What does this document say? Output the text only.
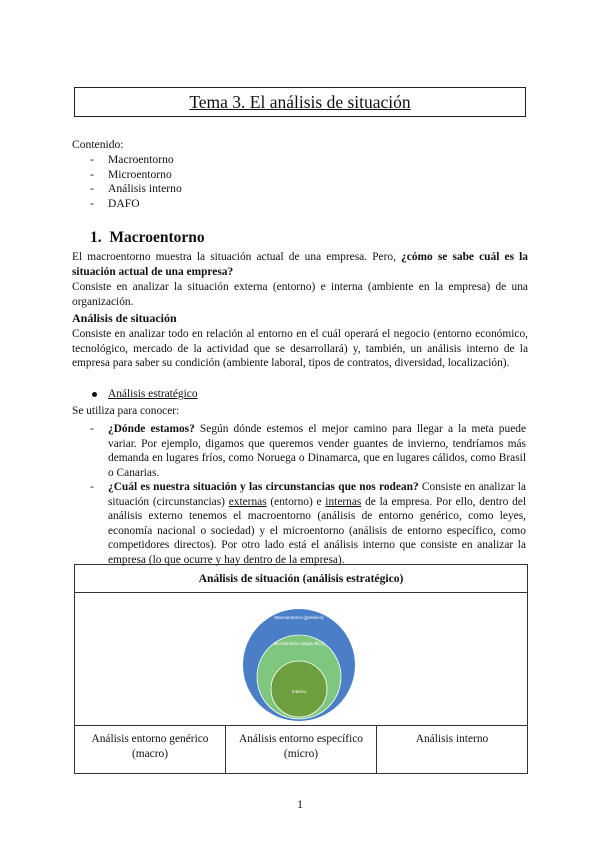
Tema 3. El análisis de situación
Contenido:
- Macroentorno
- Microentorno
- Análisis interno
- DAFO
1.  Macroentorno

El macroentorno muestra la situación actual de una empresa. Pero, ¿cómo se sabe cuál es la situación actual de una empresa?

Consiste en analizar la situación externa (entorno) e interna (ambiente en la empresa) de una organización.

Análisis de situación

Consiste en analizar todo en relación al entorno en el cuál operará el negocio (entorno económico, tecnológico, mercado de la actividad que se desarrollará) y, también, un análisis interno de la empresa para saber su condición (ambiente laboral, tipos de contratos, diversidad, localización).

Análisis estratégico

Se utiliza para conocer:

- ¿Dónde estamos? Según dónde estemos el mejor camino para llegar a la meta puede variar. Por ejemplo, digamos que queremos vender guantes de invierno, tendríamos más demanda en lugares fríos, como Noruega o Dinamarca, que en lugares cálidos, como Brasil o Canarias.
- ¿Cuál es nuestra situación y las circunstancias que nos rodean? Consiste en analizar la situación (circunstancias) externas (entorno) e internas de la empresa. Por ello, dentro del análisis externo tenemos el macroentorno (análisis de entorno genérico, como leyes, economía nacional o sociedad) y el microentorno (análisis de entorno específico, como competidores directos). Por otro lado está el análisis interno que consiste en analizar la empresa (lo que ocurre y hay dentro de la empresa).
Análisis de situación (análisis estratégico)

Macroentorno (genérico)
Microentorno (específico)
Interno

Análisis entorno genérico (macro)	Análisis entorno específico (micro)	Análisis interno
1
